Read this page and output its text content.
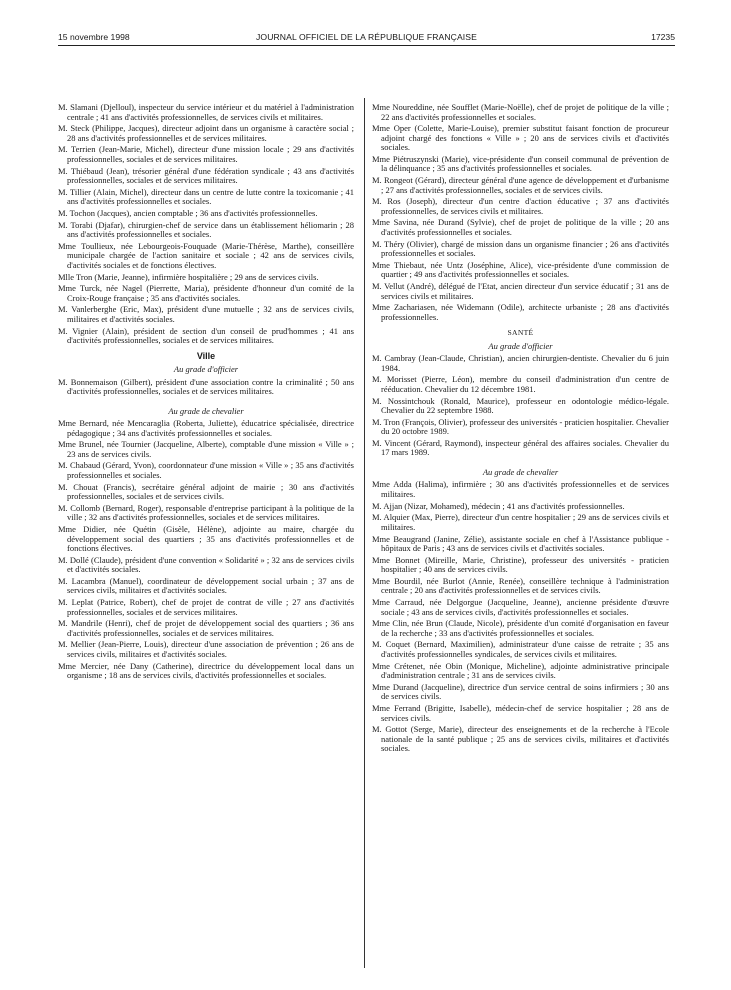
15 novembre 1998	JOURNAL OFFICIEL DE LA RÉPUBLIQUE FRANÇAISE	17235

M. Slamani (Djelloul), inspecteur du service intérieur et du matériel à l'administration centrale ; 41 ans d'activités professionnelles, de services civils et militaires.

M. Steck (Philippe, Jacques), directeur adjoint dans un organisme à caractère social ; 28 ans d'activités professionnelles et de services militaires.

M. Terrien (Jean-Marie, Michel), directeur d'une mission locale ; 29 ans d'activités professionnelles, sociales et de services militaires.

M. Thiébaud (Jean), trésorier général d'une fédération syndicale ; 43 ans d'activités professionnelles, sociales et de services militaires.

M. Tillier (Alain, Michel), directeur dans un centre de lutte contre la toxicomanie ; 41 ans d'activités professionnelles et sociales.

M. Tochon (Jacques), ancien comptable ; 36 ans d'activités professionnelles.

M. Torabi (Djafar), chirurgien-chef de service dans un établissement héliomarin ; 28 ans d'activités professionnelles et sociales.

Mme Toullieux, née Lebourgeois-Fouquade (Marie-Thérèse, Marthe), conseillère municipale chargée de l'action sanitaire et sociale ; 42 ans de services civils, d'activités sociales et de fonctions électives.

Mlle Tron (Marie, Jeanne), infirmière hospitalière ; 29 ans de services civils.

Mme Turck, née Nagel (Pierrette, Maria), présidente d'honneur d'un comité de la Croix-Rouge française ; 35 ans d'activités sociales.

M. Vanlerberghe (Eric, Max), président d'une mutuelle ; 32 ans de services civils, militaires et d'activités sociales.

M. Vignier (Alain), président de section d'un conseil de prud'hommes ; 41 ans d'activités professionnelles, sociales et de services militaires.

Ville
Au grade d'officier

M. Bonnemaison (Gilbert), président d'une association contre la criminalité ; 50 ans d'activités professionnelles, sociales et de services militaires.

Au grade de chevalier

Mme Bernard, née Mencaraglia (Roberta, Juliette), éducatrice spécialisée, directrice pédagogique ; 34 ans d'activités professionnelles et sociales.

Mme Brunel, née Tournier (Jacqueline, Alberte), comptable d'une mission « Ville » ; 23 ans de services civils.

M. Chabaud (Gérard, Yvon), coordonnateur d'une mission « Ville » ; 35 ans d'activités professionnelles et sociales.

M. Chouat (Francis), secrétaire général adjoint de mairie ; 30 ans d'activités professionnelles, sociales et de services civils.

M. Collomb (Bernard, Roger), responsable d'entreprise participant à la politique de la ville ; 32 ans d'activités professionnelles, sociales et de services militaires.

Mme Didier, née Quétin (Gisèle, Hélène), adjointe au maire, chargée du développement social des quartiers ; 35 ans d'activités professionnelles et de fonctions électives.

M. Dollé (Claude), président d'une convention « Solidarité » ; 32 ans de services civils et d'activités sociales.

M. Lacambra (Manuel), coordinateur de développement social urbain ; 37 ans de services civils, militaires et d'activités sociales.

M. Leplat (Patrice, Robert), chef de projet de contrat de ville ; 27 ans d'activités professionnelles, sociales et de services militaires.

M. Mandrile (Henri), chef de projet de développement social des quartiers ; 36 ans d'activités professionnelles, sociales et de services militaires.

M. Mellier (Jean-Pierre, Louis), directeur d'une association de prévention ; 26 ans de services civils, militaires et d'activités sociales.

Mme Mercier, née Dany (Catherine), directrice du développement local dans un organisme ; 18 ans de services civils, d'activités professionnelles et sociales.

Mme Noureddine, née Soufflet (Marie-Noëlle), chef de projet de politique de la ville ; 22 ans d'activités professionnelles et sociales.

Mme Oper (Colette, Marie-Louise), premier substitut faisant fonction de procureur adjoint chargé des fonctions « Ville » ; 20 ans de services civils et d'activités sociales.

Mme Piétruszynski (Marie), vice-présidente d'un conseil communal de prévention de la délinquance ; 35 ans d'activités professionnelles et sociales.

M. Rongeot (Gérard), directeur général d'une agence de développement et d'urbanisme ; 27 ans d'activités professionnelles, sociales et de services civils.

M. Ros (Joseph), directeur d'un centre d'action éducative ; 37 ans d'activités professionnelles, de services civils et militaires.

Mme Savina, née Durand (Sylvie), chef de projet de politique de la ville ; 20 ans d'activités professionnelles et sociales.

M. Théry (Olivier), chargé de mission dans un organisme financier ; 26 ans d'activités professionnelles et sociales.

Mme Thiebaut, née Untz (Joséphine, Alice), vice-présidente d'une commission de quartier ; 49 ans d'activités professionnelles et sociales.

M. Vellut (André), délégué de l'Etat, ancien directeur d'un service éducatif ; 31 ans de services civils et militaires.

Mme Zachariasen, née Widemann (Odile), architecte urbaniste ; 28 ans d'activités professionnelles.

SANTÉ
Au grade d'officier

M. Cambray (Jean-Claude, Christian), ancien chirurgien-dentiste. Chevalier du 6 juin 1984.

M. Morisset (Pierre, Léon), membre du conseil d'administration d'un centre de rééducation. Chevalier du 12 décembre 1981.

M. Nossintchouk (Ronald, Maurice), professeur en odontologie médico-légale. Chevalier du 22 septembre 1988.

M. Tron (François, Olivier), professeur des universités - praticien hospitalier. Chevalier du 20 octobre 1989.

M. Vincent (Gérard, Raymond), inspecteur général des affaires sociales. Chevalier du 17 mars 1989.

Au grade de chevalier

Mme Adda (Halima), infirmière ; 30 ans d'activités professionnelles et de services militaires.

M. Ajjan (Nizar, Mohamed), médecin ; 41 ans d'activités professionnelles.

M. Alquier (Max, Pierre), directeur d'un centre hospitalier ; 29 ans de services civils et militaires.

Mme Beaugrand (Janine, Zélie), assistante sociale en chef à l'Assistance publique - hôpitaux de Paris ; 43 ans de services civils et d'activités sociales.

Mme Bonnet (Mireille, Marie, Christine), professeur des universités - praticien hospitalier ; 40 ans de services civils.

Mme Bourdil, née Burlot (Annie, Renée), conseillère technique à l'administration centrale ; 20 ans d'activités professionnelles et de services civils.

Mme Carraud, née Delgorgue (Jacqueline, Jeanne), ancienne présidente d'œuvre sociale ; 43 ans de services civils, d'activités professionnelles et sociales.

Mme Clin, née Brun (Claude, Nicole), présidente d'un comité d'organisation en faveur de la recherche ; 33 ans d'activités professionnelles et sociales.

M. Coquet (Bernard, Maximilien), administrateur d'une caisse de retraite ; 35 ans d'activités professionnelles syndicales, de services civils et militaires.

Mme Crétenet, née Obin (Monique, Micheline), adjointe administrative principale d'administration centrale ; 31 ans de services civils.

Mme Durand (Jacqueline), directrice d'un service central de soins infirmiers ; 30 ans de services civils.

Mme Ferrand (Brigitte, Isabelle), médecin-chef de service hospitalier ; 28 ans de services civils.

M. Gottot (Serge, Marie), directeur des enseignements et de la recherche à l'Ecole nationale de la santé publique ; 25 ans de services civils, militaires et d'activités sociales.
